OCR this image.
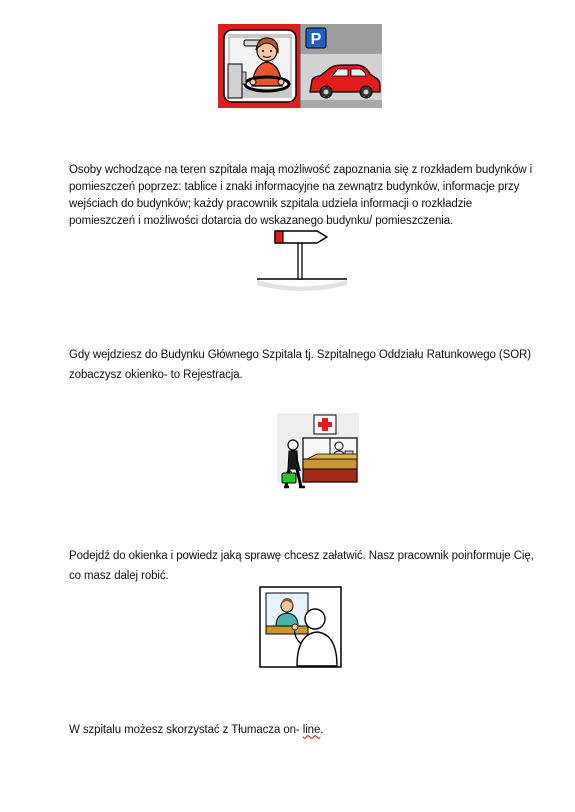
P

Osoby wchodzące na teren szpitala mają możliwość zapoznania się z rozkładem budynków i pomieszczeń poprzez: tablice i znaki informacyjne na zewnątrz budynków, informacje przy wejściach do budynków; każdy pracownik szpitala udziela informacji o rozkładzie pomieszczeń i możliwości dotarcia do wskazanego budynku/ pomieszczenia.

Gdy wejdziesz do Budynku Głównego Szpitala tj. Szpitalnego Oddziału Ratunkowego (SOR) zobaczysz okienko- to Rejestracja.

Podejdź do okienka i powiedz jaką sprawę chcesz załatwić. Nasz pracownik poinformuje Cię, co masz dalej robić.

W szpitalu możesz skorzystać z Tłumacza on- line.
